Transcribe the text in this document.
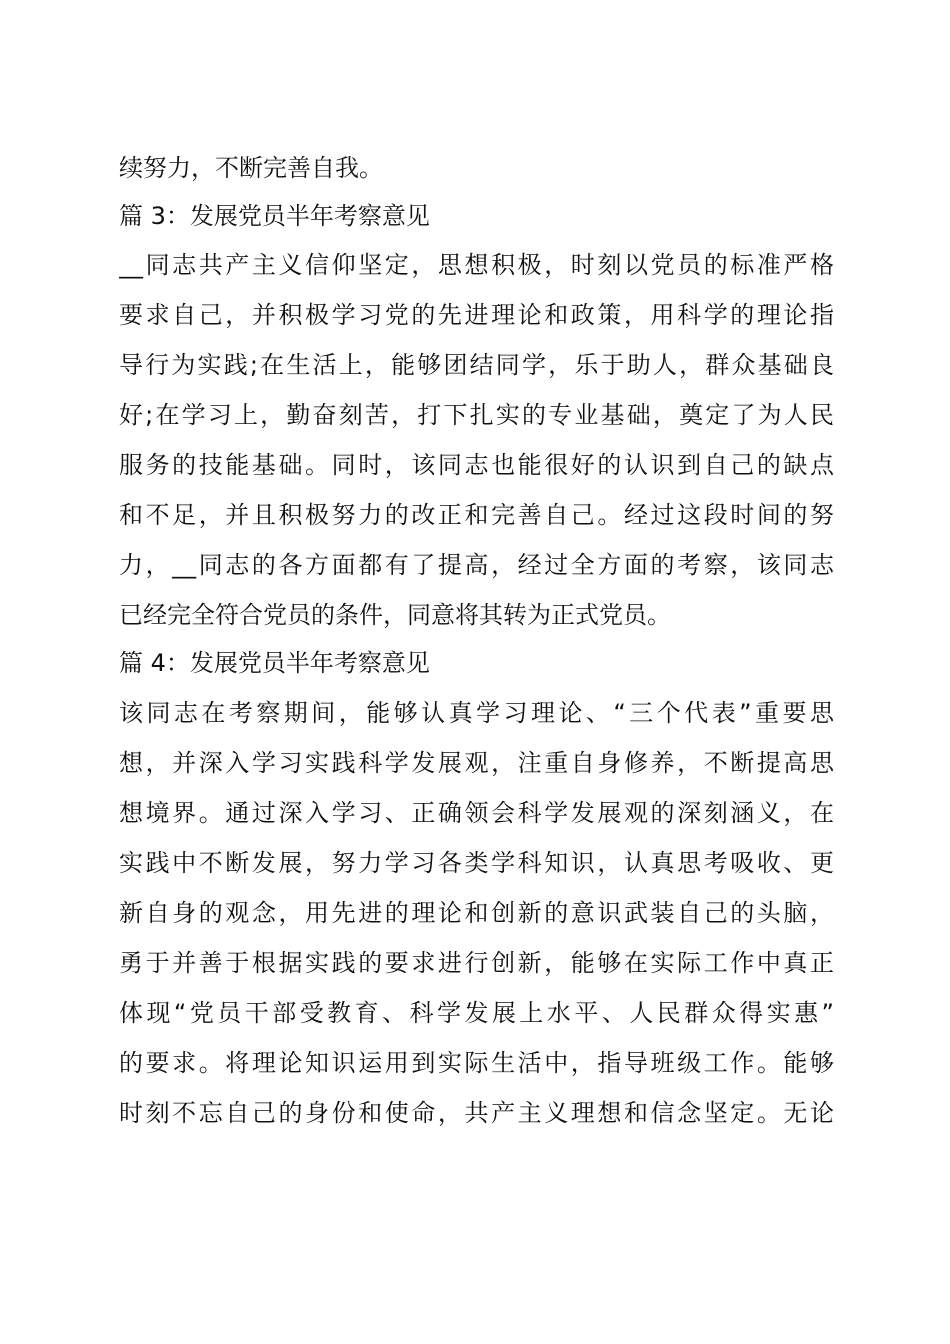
续努力，不断完善自我。
篇 3：发展党员半年考察意见
__同志共产主义信仰坚定，思想积极，时刻以党员的标准严格
要求自己，并积极学习党的先进理论和政策，用科学的理论指
导行为实践;在生活上，能够团结同学，乐于助人，群众基础良
好;在学习上，勤奋刻苦，打下扎实的专业基础，奠定了为人民
服务的技能基础。同时，该同志也能很好的认识到自己的缺点
和不足，并且积极努力的改正和完善自己。经过这段时间的努
力，__同志的各方面都有了提高，经过全方面的考察，该同志
已经完全符合党员的条件，同意将其转为正式党员。
篇 4：发展党员半年考察意见
该同志在考察期间，能够认真学习理论、“三个代表”重要思
想，并深入学习实践科学发展观，注重自身修养，不断提高思
想境界。通过深入学习、正确领会科学发展观的深刻涵义，在
实践中不断发展，努力学习各类学科知识，认真思考吸收、更
新自身的观念，用先进的理论和创新的意识武装自己的头脑，
勇于并善于根据实践的要求进行创新，能够在实际工作中真正
体现“党员干部受教育、科学发展上水平、人民群众得实惠”
的要求。将理论知识运用到实际生活中，指导班级工作。能够
时刻不忘自己的身份和使命，共产主义理想和信念坚定。无论
